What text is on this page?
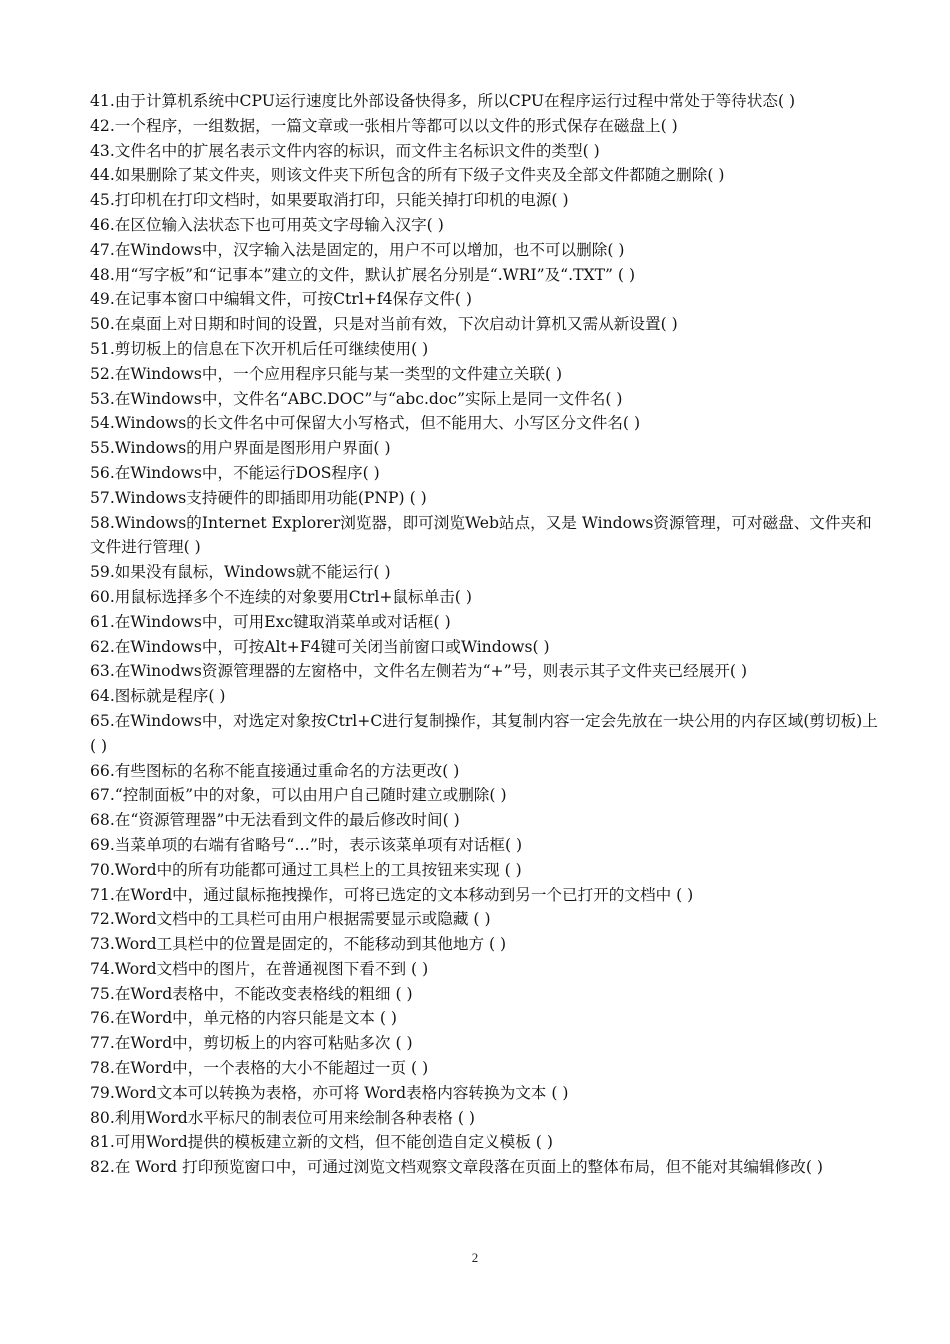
41.由于计算机系统中CPU运行速度比外部设备快得多，所以CPU在程序运行过程中常处于等待状态( )

42.一个程序，一组数据，一篇文章或一张相片等都可以以文件的形式保存在磁盘上( )

43.文件名中的扩展名表示文件内容的标识，而文件主名标识文件的类型( )

44.如果删除了某文件夹，则该文件夹下所包含的所有下级子文件夹及全部文件都随之删除( )

45.打印机在打印文档时，如果要取消打印，只能关掉打印机的电源( )

46.在区位输入法状态下也可用英文字母输入汉字( )

47.在Windows中，汉字输入法是固定的，用户不可以增加，也不可以删除( )

48.用“写字板”和“记事本”建立的文件，默认扩展名分别是“.WRI”及“.TXT” ( )

49.在记事本窗口中编辑文件，可按Ctrl+f4保存文件( )

50.在桌面上对日期和时间的设置，只是对当前有效，下次启动计算机又需从新设置( )

51.剪切板上的信息在下次开机后任可继续使用( )

52.在Windows中，一个应用程序只能与某一类型的文件建立关联( )

53.在Windows中，文件名“ABC.DOC”与“abc.doc”实际上是同一文件名( )

54.Windows的长文件名中可保留大小写格式，但不能用大、小写区分文件名( )

55.Windows的用户界面是图形用户界面( )

56.在Windows中，不能运行DOS程序( )

57.Windows支持硬件的即插即用功能(PNP) ( )

58.Windows的Internet Explorer浏览器，即可浏览Web站点，又是 Windows资源管理，可对磁盘、文件夹和文件进行管理( )

59.如果没有鼠标，Windows就不能运行( )

60.用鼠标选择多个不连续的对象要用Ctrl+鼠标单击( )

61.在Windows中，可用Exc键取消菜单或对话框( )

62.在Windows中，可按Alt+F4键可关闭当前窗口或Windows( )

63.在Winodws资源管理器的左窗格中，文件名左侧若为“+”号，则表示其子文件夹已经展开( )

64.图标就是程序( )

65.在Windows中，对选定对象按Ctrl+C进行复制操作，其复制内容一定会先放在一块公用的内存区域(剪切板)上( )

66.有些图标的名称不能直接通过重命名的方法更改( )

67.“控制面板”中的对象，可以由用户自己随时建立或删除( )

68.在“资源管理器”中无法看到文件的最后修改时间( )

69.当菜单项的右端有省略号“…”时，表示该菜单项有对话框( )

70.Word中的所有功能都可通过工具栏上的工具按钮来实现 ( )

71.在Word中，通过鼠标拖拽操作，可将已选定的文本移动到另一个已打开的文档中 ( )

72.Word文档中的工具栏可由用户根据需要显示或隐藏 ( )

73.Word工具栏中的位置是固定的，不能移动到其他地方 ( )

74.Word文档中的图片，在普通视图下看不到 ( )

75.在Word表格中，不能改变表格线的粗细 ( )

76.在Word中，单元格的内容只能是文本 ( )

77.在Word中，剪切板上的内容可粘贴多次 ( )

78.在Word中，一个表格的大小不能超过一页 ( )

79.Word文本可以转换为表格，亦可将 Word表格内容转换为文本 ( )

80.利用Word水平标尺的制表位可用来绘制各种表格 ( )

81.可用Word提供的模板建立新的文档，但不能创造自定义模板 ( )

82.在 Word 打印预览窗口中，可通过浏览文档观察文章段落在页面上的整体布局，但不能对其编辑修改( )

2
